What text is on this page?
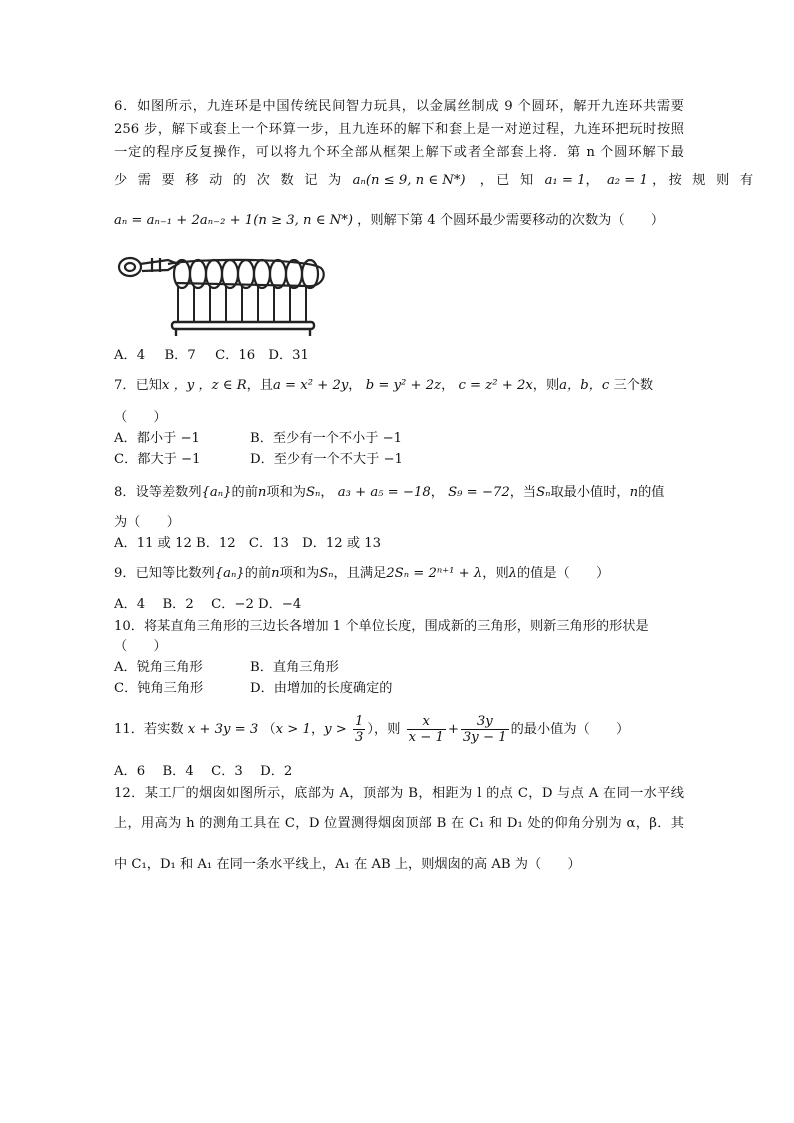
6．如图所示，九连环是中国传统民间智力玩具，以金属丝制成 9 个圆环，解开九连环共需要
256 步，解下或套上一个环算一步，且九连环的解下和套上是一对逆过程，九连环把玩时按照
一定的程序反复操作，可以将九个环全部从框架上解下或者全部套上将．第 n 个圆环解下最
少 需 要 移 动 的 次 数 记 为 aₙ(n ≤ 9, n ∈ N*) ，已 知 a₁ = 1， a₂ = 1 ，按 规 则 有
aₙ = aₙ₋₁ + 2aₙ₋₂ + 1(n ≥ 3, n ∈ N*) ，则解下第 4 个圆环最少需要移动的次数为（　　）
A．4　 B．7　 C．16　D．31
7．已知x ，y ，z ∈ R，且a = x² + 2y， b = y² + 2z， c = z² + 2x，则a，b，c 三个数
（　　）
A．都小于 −1	B．至少有一个不小于 −1
C．都大于 −1	D．至少有一个不大于 −1
8．设等差数列{aₙ}的前n项和为Sₙ， a₃ + a₅ = −18， S₉ = −72，当Sₙ取最小值时，n的值
为（　　）
A．11 或 12 B．12　C．13　D．12 或 13
9．已知等比数列{aₙ}的前n项和为Sₙ，且满足2Sₙ = 2ⁿ⁺¹ + λ，则λ的值是（　　）
A．4　 B．2　 C．−2 D．−4
10．将某直角三角形的三边长各增加 1 个单位长度，围成新的三角形，则新三角形的形状是
（　　）
A．锐角三角形	B．直角三角形
C．钝角三角形	D．由增加的长度确定的
11．若实数 x + 3y = 3 （x > 1，$y > \frac{1}{3}$ ），则 $\frac{x}{x - 1} + \frac{3y}{3y - 1}$ 的最小值为（　　）
A．6　 B．4　 C．3　 D．2
12．某工厂的烟囱如图所示，底部为 A，顶部为 B，相距为 l 的点 C，D 与点 A 在同一水平线
上，用高为 h 的测角工具在 C，D 位置测得烟囱顶部 B 在 C₁ 和 D₁ 处的仰角分别为 α，β．其
中 C₁，D₁ 和 A₁ 在同一条水平线上，A₁ 在 AB 上，则烟囱的高 AB 为（　　）
